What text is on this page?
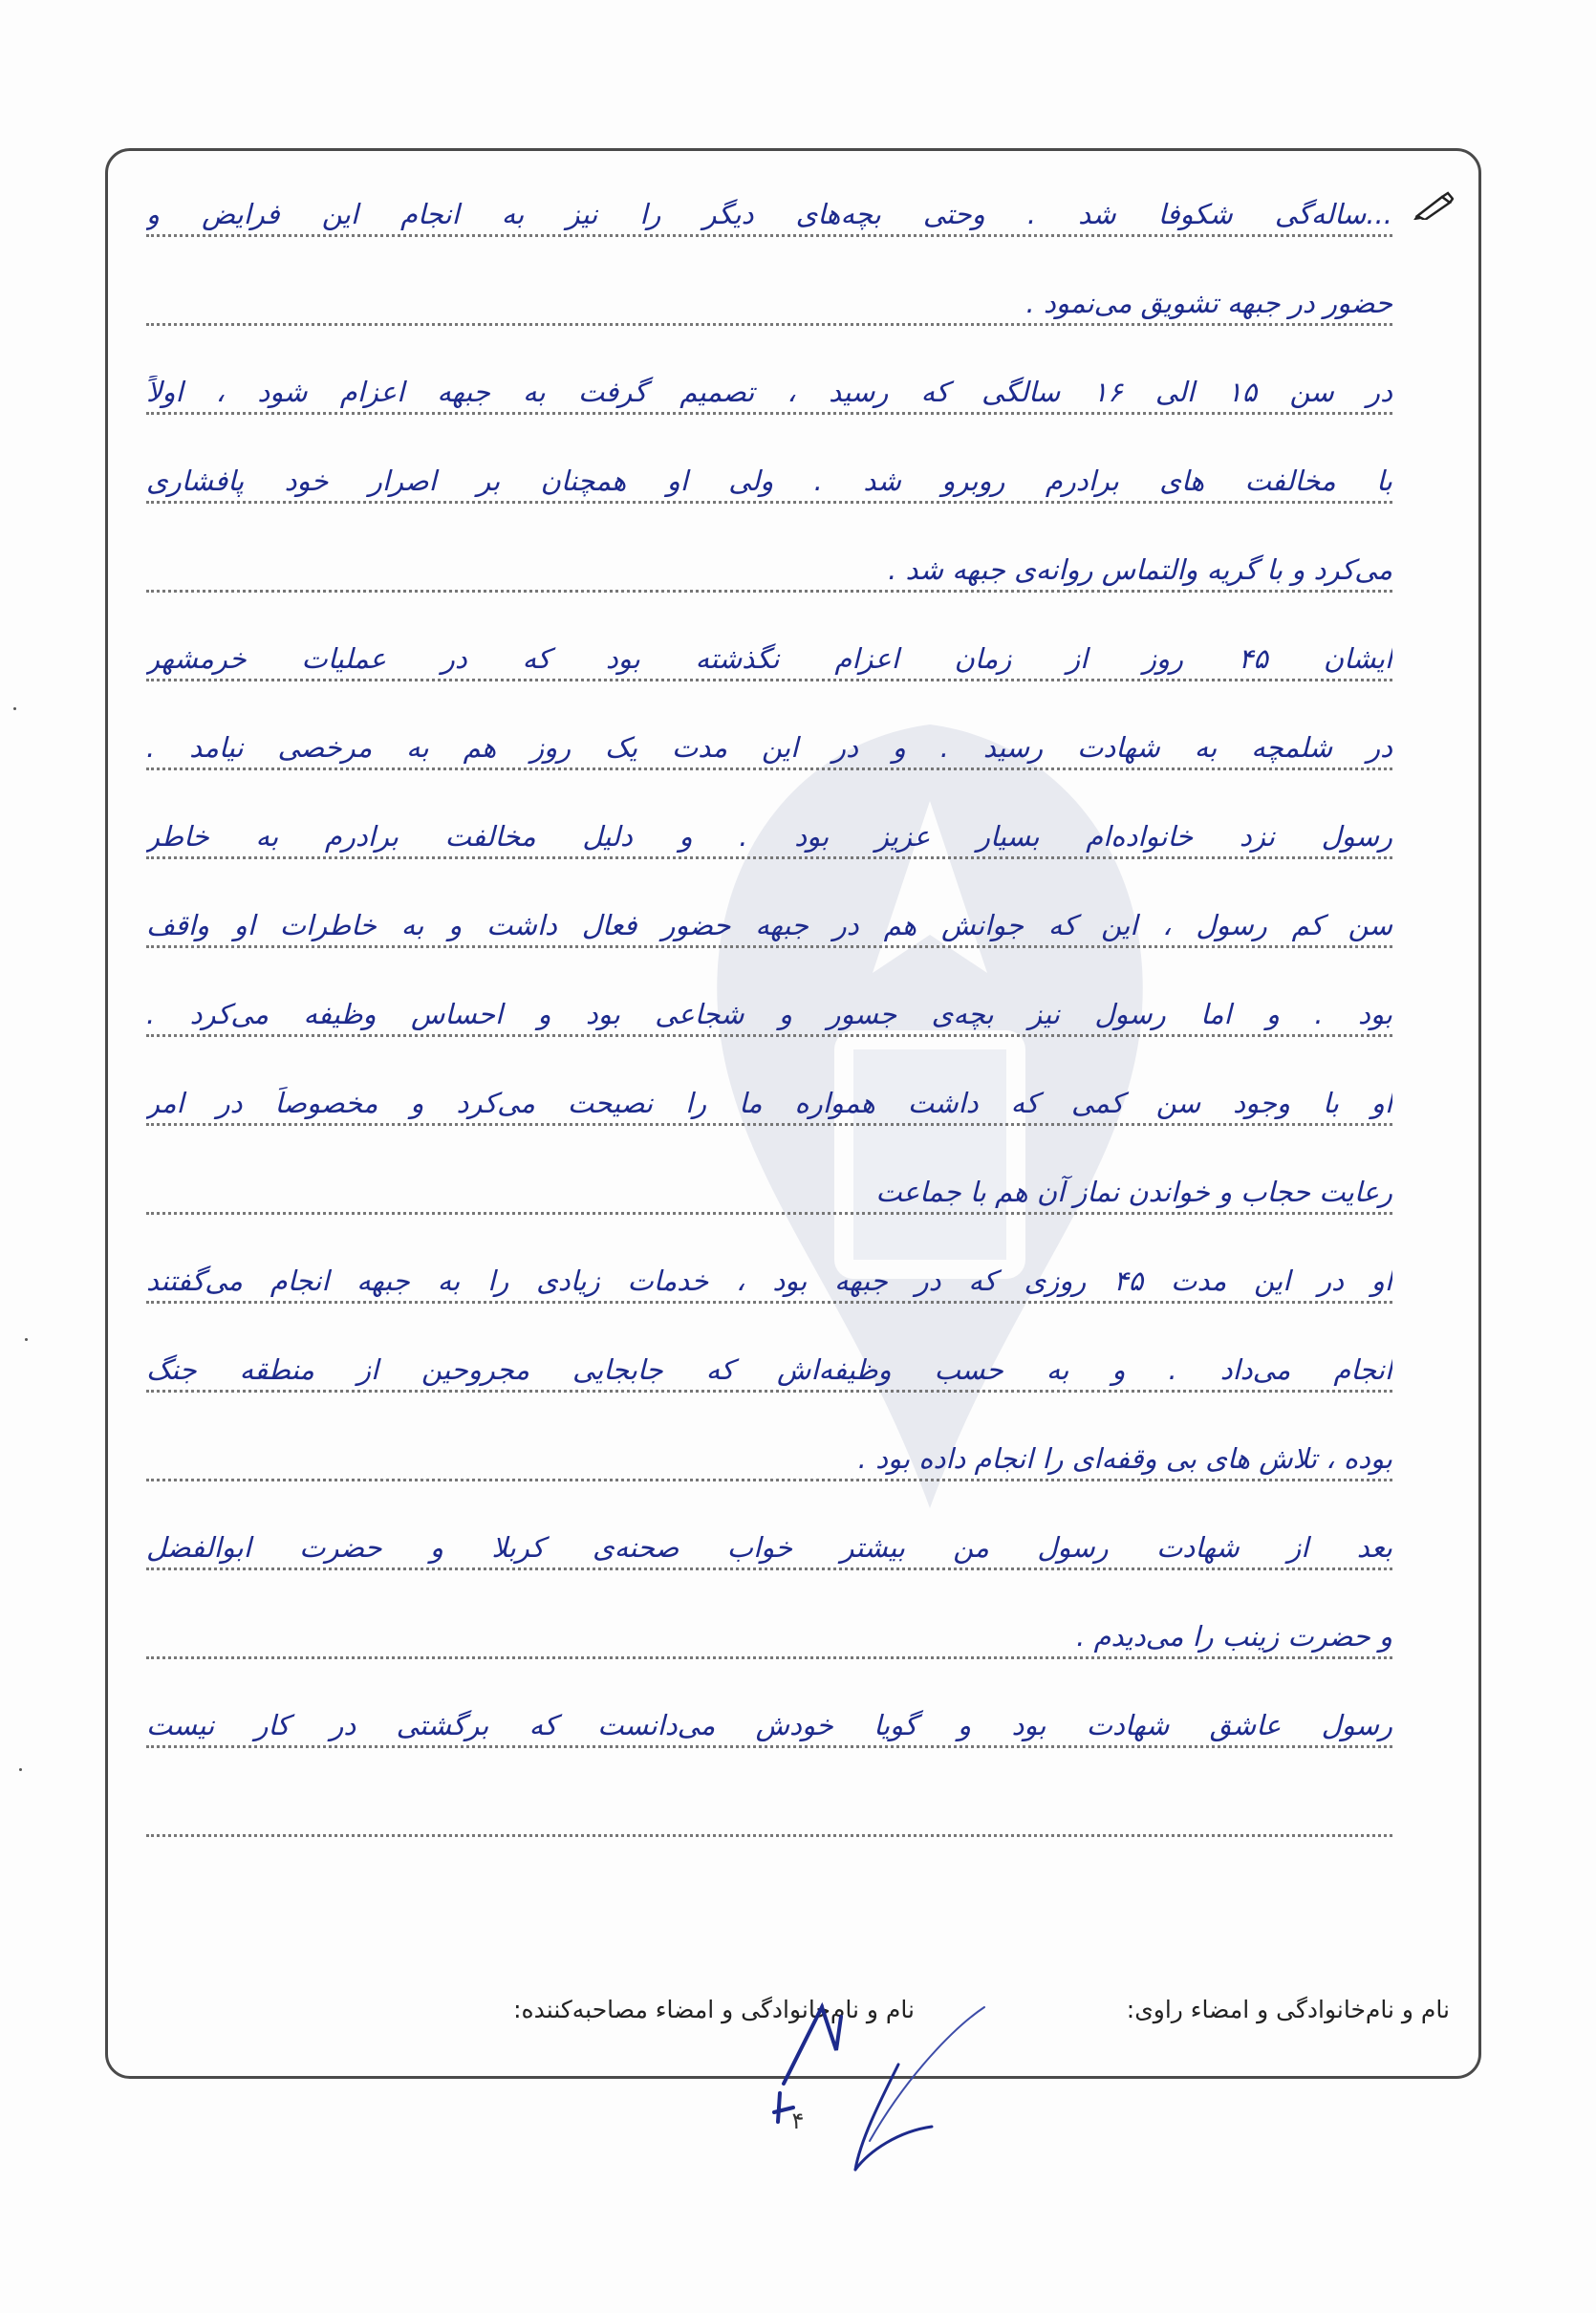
...ساله‌گی شکوفا شد . وحتی بچه‌های دیگر را نیز به انجام این فرایض و
حضور در جبهه تشویق می‌نمود .
در سن ۱۵ الی ۱۶ سالگی که رسید ، تصمیم گرفت به جبهه اعزام شود ، اولاً
با مخالفت های برادرم روبرو شد . ولی او همچنان بر اصرار خود پافشاری
می‌کرد و با گریه والتماس روانه‌ی جبهه شد .
ایشان ۴۵ روز از زمان اعزام نگذشته بود که در عملیات خرمشهر
در شلمچه به شهادت رسید . و در این مدت یک روز هم به مرخصی نیامد .
رسول نزد خانواده‌ام بسیار عزیز بود . و دلیل مخالفت برادرم به خاطر
سن کم رسول ، این که جوانش هم در جبهه حضور فعال داشت و به خاطرات او واقف
بود . و اما رسول نیز بچه‌ی جسور و شجاعی بود و احساس وظیفه می‌کرد .
او با وجود سن کمی که داشت همواره ما را نصیحت می‌کرد و مخصوصاً در امر
رعایت حجاب و خواندن نماز آن هم با جماعت
او در این مدت ۴۵ روزی که در جبهه بود ، خدمات زیادی را به جبهه انجام می‌گفتند
انجام می‌داد . و به حسب وظیفه‌اش که جابجایی مجروحین از منطقه جنگ
بوده ، تلاش های بی وقفه‌ای را انجام داده بود .
بعد از شهادت رسول من بیشتر خواب صحنه‌ی کربلا و حضرت ابوالفضل
و حضرت زینب را می‌دیدم .
رسول عاشق شهادت بود و گویا خودش می‌دانست که برگشتی در کار نیست
نام و نام‌خانوادگی و امضاء راوی:
نام و نام‌خانوادگی و امضاء مصاحبه‌کننده:
۴
